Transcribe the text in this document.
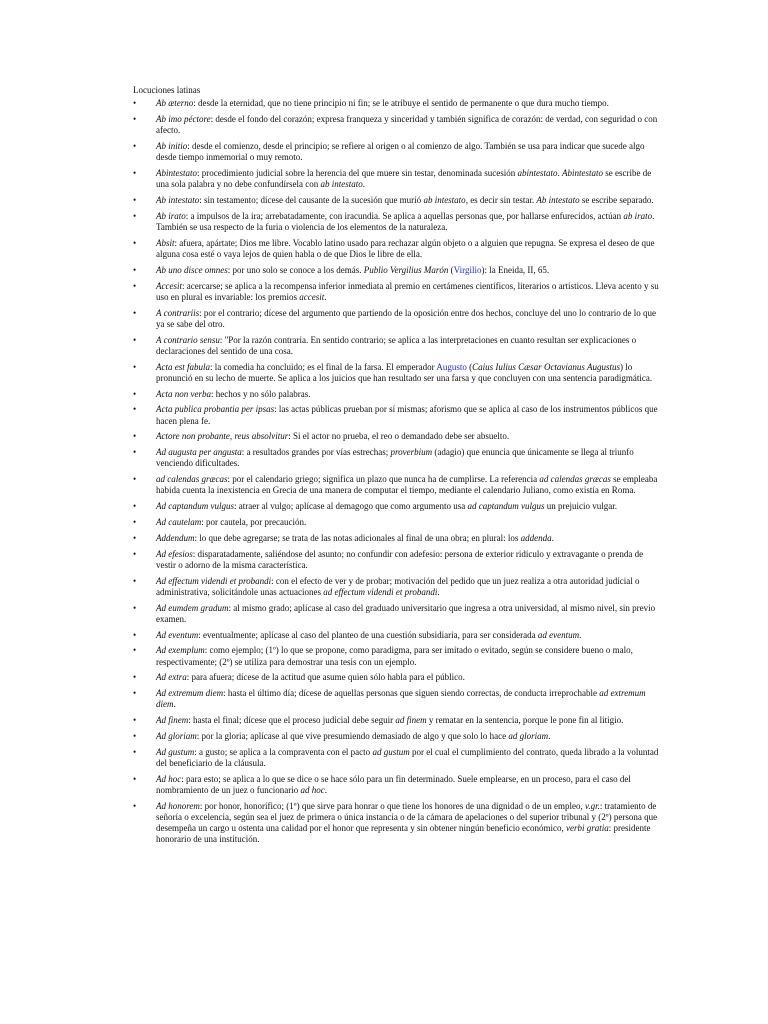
Locuciones latinas
• Ab æterno: desde la eternidad, que no tiene principio ni fin; se le atribuye el sentido de permanente o que dura mucho tiempo.
• Ab imo péctore: desde el fondo del corazón; expresa franqueza y sinceridad y también significa de corazón: de verdad, con seguridad o con afecto.
• Ab initio: desde el comienzo, desde el principio; se refiere al origen o al comienzo de algo. También se usa para indicar que sucede algo desde tiempo inmemorial o muy remoto.
• Abintestato: procedimiento judicial sobre la herencia del que muere sin testar, denominada sucesión abintestato. Abintestato se escribe de una sola palabra y no debe confundírsela con ab intestato.
• Ab intestato: sin testamento; dícese del causante de la sucesión que murió ab intestato, es decir sin testar. Ab intestato se escribe separado.
• Ab irato: a impulsos de la ira; arrebatadamente, con iracundia. Se aplica a aquellas personas que, por hallarse enfurecidos, actúan ab irato. También se usa respecto de la furia o violencia de los elementos de la naturaleza.
• Absit: afuera, apártate; Dios me libre. Vocablo latino usado para rechazar algún objeto o a alguien que repugna. Se expresa el deseo de que alguna cosa esté o vaya lejos de quien habla o de que Dios le libre de ella.
• Ab uno disce omnes: por uno solo se conoce a los demás. Publio Vergilius Marón (Virgilio): la Eneida, II, 65.
• Accesit: acercarse; se aplica a la recompensa inferior inmediata al premio en certámenes científicos, literarios o artísticos. Lleva acento y su uso en plural es invariable: los premios accesit.
• A contrariis: por el contrario; dícese del argumento que partiendo de la oposición entre dos hechos, concluye del uno lo contrario de lo que ya se sabe del otro.
• A contrario sensu: "Por la razón contraria. En sentido contrario; se aplica a las interpretaciones en cuanto resultan ser explicaciones o declaraciones del sentido de una cosa.
• Acta est fabula: la comedia ha concluido; es el final de la farsa. El emperador Augusto (Caius Iulius Cæsar Octavianus Augustus) lo pronunció en su lecho de muerte. Se aplica a los juicios que han resultado ser una farsa y que concluyen con una sentencia paradigmática.
• Acta non verba: hechos y no sólo palabras.
• Acta publica probantia per ipsas: las actas públicas prueban por sí mismas; aforismo que se aplica al caso de los instrumentos públicos que hacen plena fe.
• Actore non probante, reus absolvitur: Si el actor no prueba, el reo o demandado debe ser absuelto.
• Ad augusta per angusta: a resultados grandes por vías estrechas; proverbium (adagio) que enuncia que únicamente se llega al triunfo venciendo dificultades.
• ad calendas græcas: por el calendario griego; significa un plazo que nunca ha de cumplirse. La referencia ad calendas græcas se empleaba habida cuenta la inexistencia en Grecia de una manera de computar el tiempo, mediante el calendario Juliano, como existía en Roma.
• Ad captandum vulgus: atraer al vulgo; aplícase al demagogo que como argumento usa ad captandum vulgus un prejuicio vulgar.
• Ad cautelam: por cautela, por precaución.
• Addendum: lo que debe agregarse; se trata de las notas adicionales al final de una obra; en plural: los addenda.
• Ad efesios: disparatadamente, saliéndose del asunto; no confundir con adefesio: persona de exterior ridículo y extravagante o prenda de vestir o adorno de la misma característica.
• Ad effectum videndi et probandi: con el efecto de ver y de probar; motivación del pedido que un juez realiza a otra autoridad judicial o administrativa, solicitándole unas actuaciones ad effectum videndi et probandi.
• Ad eumdem gradum: al mismo grado; aplícase al caso del graduado universitario que ingresa a otra universidad, al mismo nivel, sin previo examen.
• Ad eventum: eventualmente; aplícase al caso del planteo de una cuestión subsidiaria, para ser considerada ad eventum.
• Ad exemplum: como ejemplo; (1º) lo que se propone, como paradigma, para ser imitado o evitado, según se considere bueno o malo, respectivamente; (2º) se utiliza para demostrar una tesis con un ejemplo.
• Ad extra: para afuera; dícese de la actitud que asume quien sólo habla para el público.
• Ad extremum diem: hasta el último día; dícese de aquellas personas que siguen siendo correctas, de conducta irreprochable ad extremum diem.
• Ad finem: hasta el final; dícese que el proceso judicial debe seguir ad finem y rematar en la sentencia, porque le pone fin al litigio.
• Ad gloriam: por la gloria; aplícase al que vive presumiendo demasiado de algo y que solo lo hace ad gloriam.
• Ad gustum: a gusto; se aplica a la compraventa con el pacto ad gustum por el cual el cumplimiento del contrato, queda librado a la voluntad del beneficiario de la cláusula.
• Ad hoc: para esto; se aplica a lo que se dice o se hace sólo para un fin determinado. Suele emplearse, en un proceso, para el caso del nombramiento de un juez o funcionario ad hoc.
• Ad honorem: por honor, honorífico; (1º) que sirve para honrar o que tiene los honores de una dignidad o de un empleo, v.gr.: tratamiento de señoría o excelencia, según sea el juez de primera o única instancia o de la cámara de apelaciones o del superior tribunal y (2º) persona que desempeña un cargo u ostenta una calidad por el honor que representa y sin obtener ningún beneficio económico, verbi gratia: presidente honorario de una institución.
